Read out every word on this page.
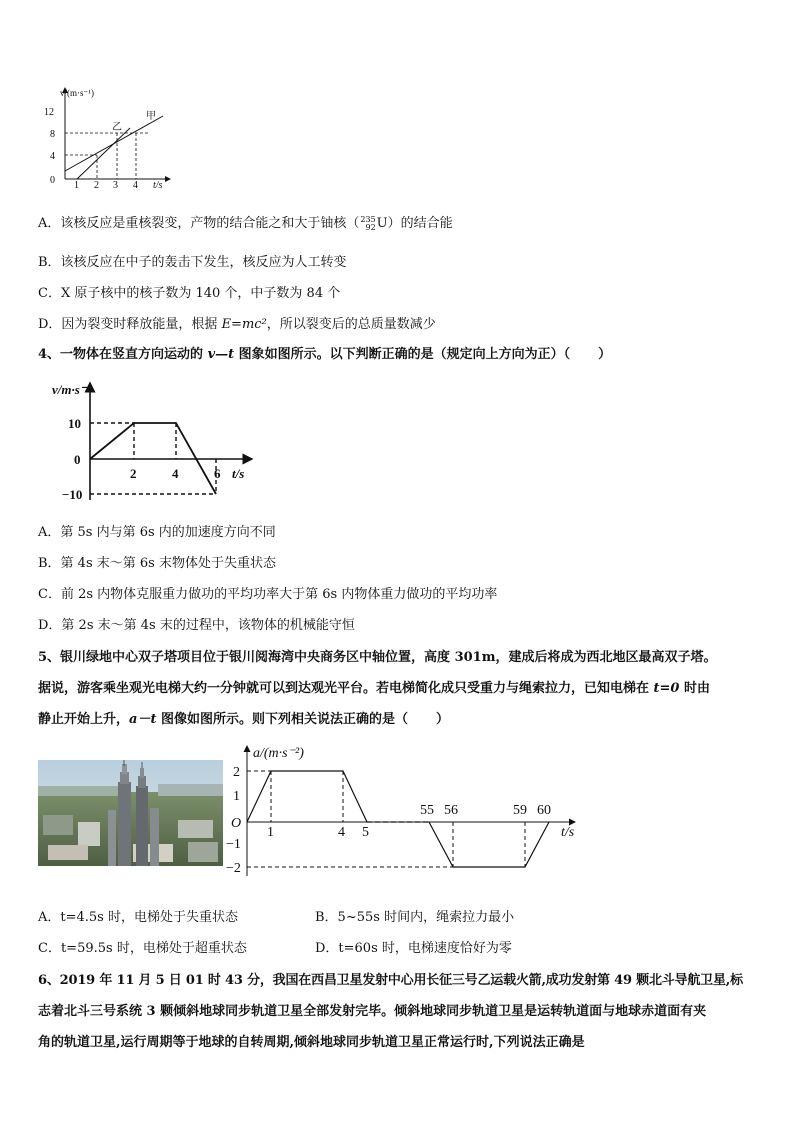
v/(m·s⁻¹)
t/s
0
4
8
12
1 2 3 4
乙
甲
A．该核反应是重核裂变，产物的结合能之和大于铀核（235
92U）的结合能
B．该核反应在中子的轰击下发生，核反应为人工转变
C．X 原子核中的核子数为 140 个，中子数为 84 个
D．因为裂变时释放能量，根据 E=mc²，所以裂变后的总质量数减少
4、一物体在竖直方向运动的 v—t 图象如图所示。以下判断正确的是（规定向上方向为正）（ ）
v/m·s⁻¹
t/s
0
10
−10
2	4	6
A．第 5s 内与第 6s 内的加速度方向不同
B．第 4s 末～第 6s 末物体处于失重状态
C．前 2s 内物体克服重力做功的平均功率大于第 6s 内物体重力做功的平均功率
D．第 2s 末～第 4s 末的过程中，该物体的机械能守恒
5、银川绿地中心双子塔项目位于银川阅海湾中央商务区中轴位置，高度 301m，建成后将成为西北地区最高双子塔。
据说，游客乘坐观光电梯大约一分钟就可以到达观光平台。若电梯简化成只受重力与绳索拉力，已知电梯在 t=0 时由
静止开始上升，a－t 图像如图所示。则下列相关说法正确的是（ ）
a/(m·s⁻²)
t/s
O
2
1
−1
−2
1	4 5
55 56	59 60
A．t=4.5s 时，电梯处于失重状态	B．5~55s 时间内，绳索拉力最小
C．t=59.5s 时，电梯处于超重状态	D．t=60s 时，电梯速度恰好为零
6、2019 年 11 月 5 日 01 时 43 分，我国在西昌卫星发射中心用长征三号乙运载火箭,成功发射第 49 颗北斗导航卫星,标
志着北斗三号系统 3 颗倾斜地球同步轨道卫星全部发射完毕。倾斜地球同步轨道卫星是运转轨道面与地球赤道面有夹
角的轨道卫星,运行周期等于地球的自转周期,倾斜地球同步轨道卫星正常运行时,下列说法正确是
